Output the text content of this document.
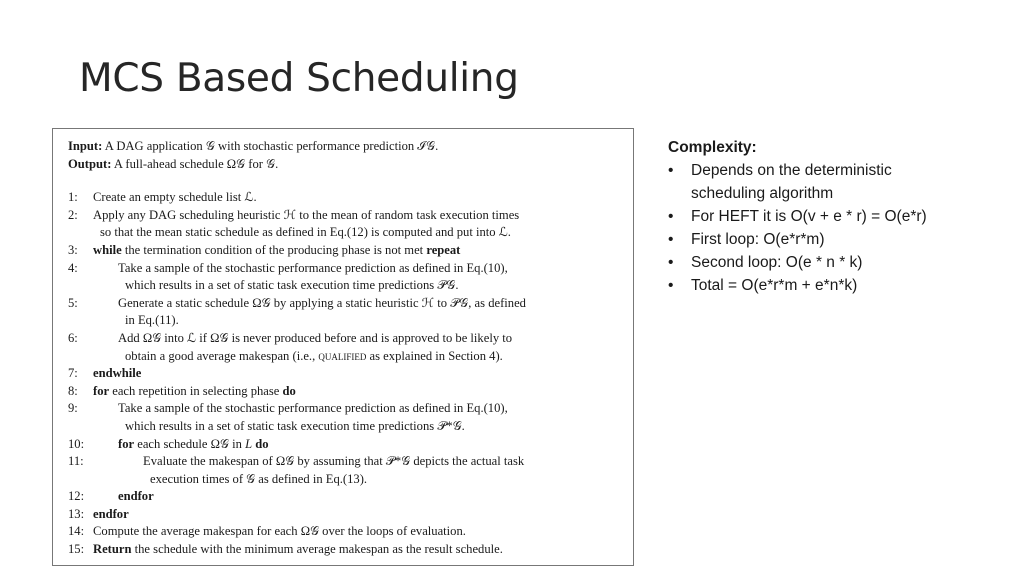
MCS Based Scheduling
Input: A DAG application 𝒢 with stochastic performance prediction ℐ𝒢.
Output: A full-ahead schedule Ω𝒢 for 𝒢.
1:	Create an empty schedule list ℒ.
2:	Apply any DAG scheduling heuristic ℋ to the mean of random task execution times
so that the mean static schedule as defined in Eq.(12) is computed and put into ℒ.
3:	while the termination condition of the producing phase is not met repeat
4:	Take a sample of the stochastic performance prediction as defined in Eq.(10),
which results in a set of static task execution time predictions 𝒫𝒢.
5:	Generate a static schedule Ω𝒢 by applying a static heuristic ℋ to 𝒫𝒢, as defined
in Eq.(11).
6:	Add Ω𝒢 into ℒ if Ω𝒢 is never produced before and is approved to be likely to
obtain a good average makespan (i.e., qualified as explained in Section 4).
7:	endwhile
8:	for each repetition in selecting phase do
9:	Take a sample of the stochastic performance prediction as defined in Eq.(10),
which results in a set of static task execution time predictions 𝒫*𝒢.
10:	for each schedule Ω𝒢 in L do
11:	Evaluate the makespan of Ω𝒢 by assuming that 𝒫*𝒢 depicts the actual task
execution times of 𝒢 as defined in Eq.(13).
12:	endfor
13: endfor
14: Compute the average makespan for each Ω𝒢 over the loops of evaluation.
15: Return the schedule with the minimum average makespan as the result schedule.
Complexity:
• Depends on the deterministic
scheduling algorithm
• For HEFT it is O(v + e * r) = O(e*r)
• First loop: O(e*r*m)
• Second loop: O(e * n * k)
• Total = O(e*r*m + e*n*k)
